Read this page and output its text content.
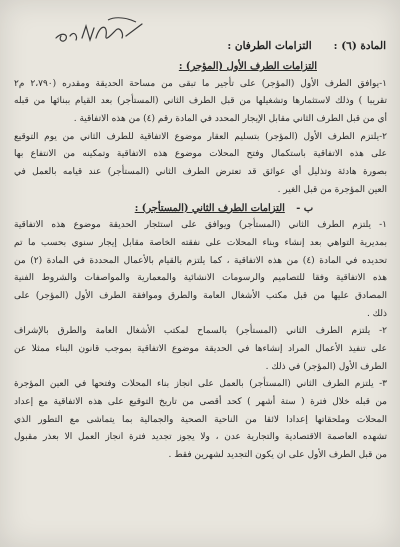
المادة (٦) :التزامات الطرفان :
التزامات الطرف الأول (المؤجر) :
١-يوافق الطرف الأول (المؤجر) على تأجير ما تبقى من مساحة الحديقة ومقدره (٢،٧٩٠ م٢
تقريبا ) وذلك لاستثمارها وتشغيلها من قبل الطرف الثاني (المستأجر) بعد القيام ببنائها من قبله
أي من قبل الطرف الثاني مقابل الإيجار المحدد في المادة رقم (٤) من هذه الاتفاقية .
٢-يلتزم الطرف الأول (المؤجر) بتسليم العقار موضوع الاتفاقية للطرف الثاني من يوم التوقيع
على هذه الاتفاقية باستكمال وفتح المحلات موضوع هذه الاتفاقية وتمكينه من الانتفاع بها
بصورة هادئة وتذليل أي عوائق قد تعترض الطرف الثاني (المستأجر) عند قيامه بالعمل في
العين المؤجرة من قبل الغير .
ب -    التزامات الطرف الثاني (المستأجر) :
١- يلتزم الطرف الثاني (المستأجر) ويوافق على استئجار الحديقة موضوع هذه الاتفاقية
بمديرية التواهي بعد إنشاء وبناء المحلات على نفقته الخاصة مقابل إيجار سنوي بحسب ما تم
تحديده في المادة (٤) من هذه الاتفاقية ، كما يلتزم بالقيام بالأعمال المحددة في المادة (٢) من
هذه الاتفاقية وفقا للتصاميم والرسومات الانشائية والمعمارية والمواصفات والشروط الفنية
المصادق عليها من قبل مكتب الأشغال العامة والطرق وموافقة الطرف الأول (المؤجر) على
ذلك .
٢- يلتزم الطرف الثاني (المستأجر) بالسماح لمكتب الأشغال العامة والطرق بالإشراف
على تنفيذ الأعمال المراد إنشاءها في الحديقة موضوع الاتفاقية بموجب قانون البناء ممثلا عن
الطرف الأول (المؤجر) في ذلك .
٣- يلتزم الطرف الثاني (المستأجر) بالعمل على انجاز بناء المحلات وفتحها في العين المؤجرة
من قبله خلال فترة ( ستة أشهر ) كحد أقصى من تاريخ التوقيع على هذه الاتفاقية مع إعداد
المحلات وملحقاتها إعدادا لائقا من الناحية الصحية والجمالية بما يتماشى مع التطور الذي
تشهده العاصمة الاقتصادية والتجارية عدن ، ولا يجوز تجديد فترة انجاز العمل الا بعذر مقبول
من قبل الطرف الأول على ان يكون التجديد لشهرين فقط .
